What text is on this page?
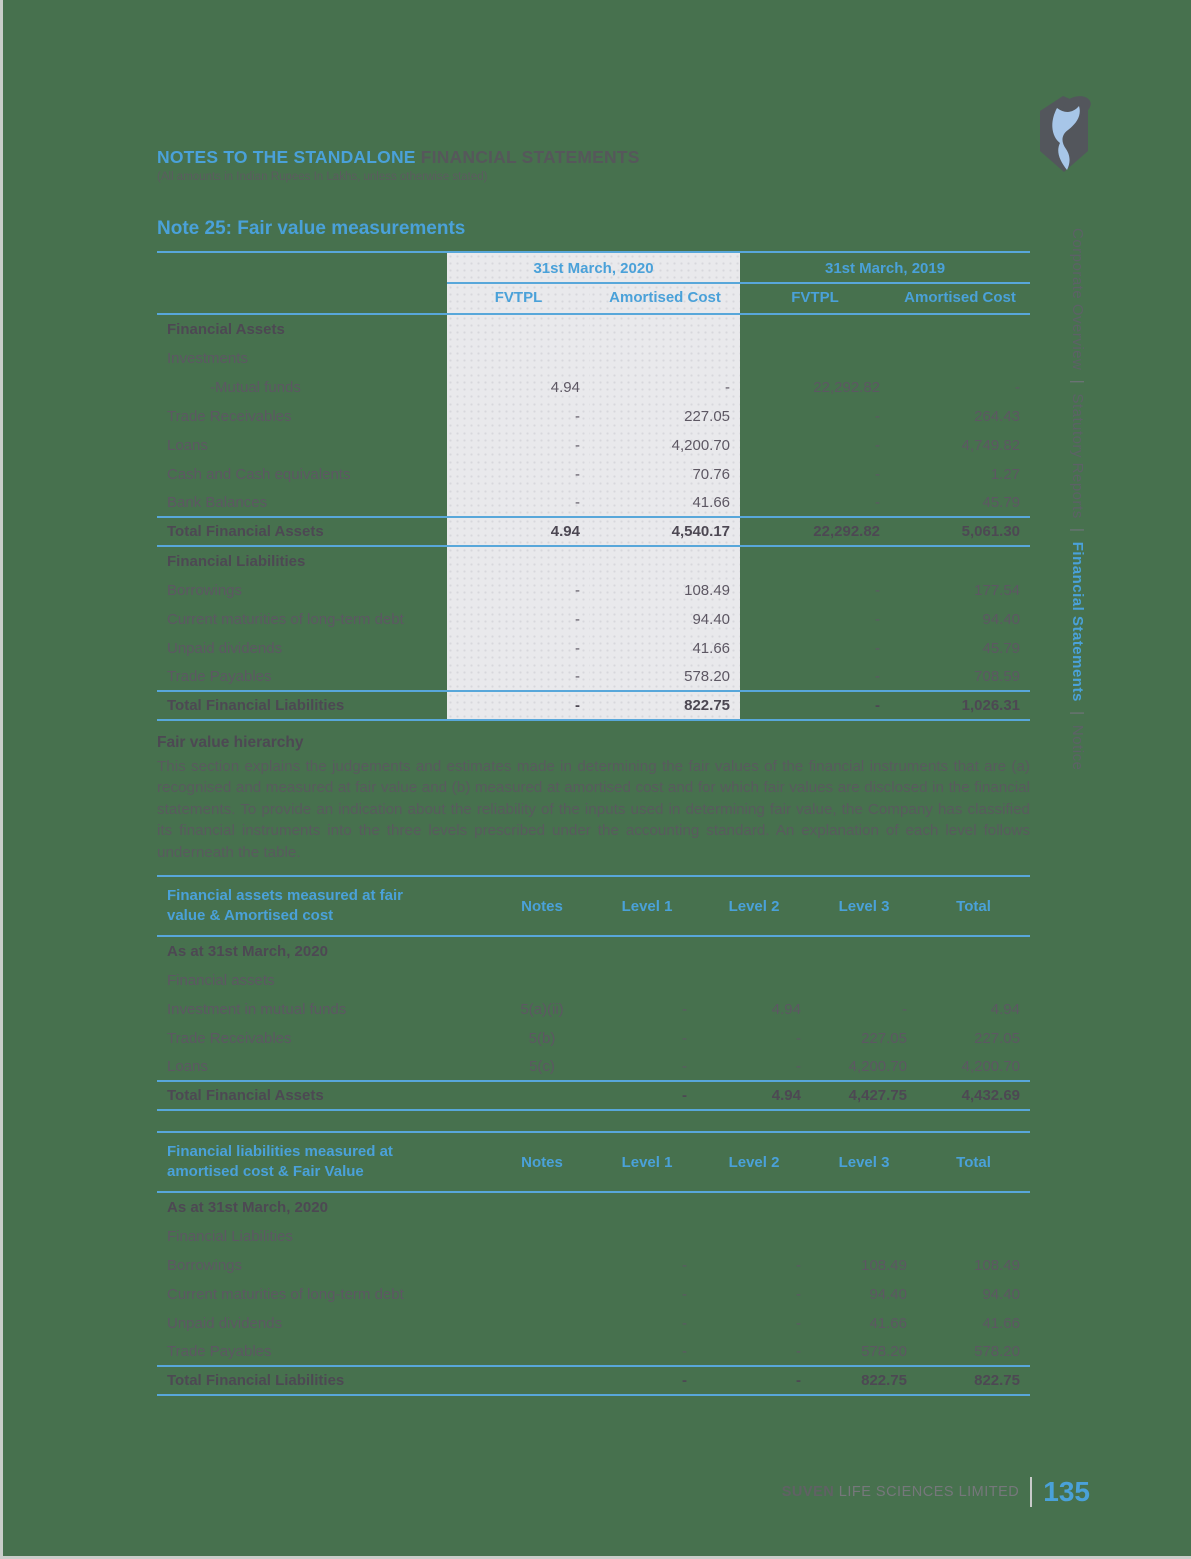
Corporate Overview  |  Statutory Reports  |  Financial Statements  |  Notice
NOTES TO THE STANDALONE FINANCIAL STATEMENTS
(All amounts in Indian Rupees In Lakhs, unless otherwise stated)
Note 25: Fair value measurements
	31st March, 2020		31st March, 2019	
	FVTPL	Amortised Cost	FVTPL	Amortised Cost
Financial Assets				
Investments				
-Mutual funds	4.94	-	22,292.82	-
Trade Receivables	-	227.05	-	264.43
Loans	-	4,200.70	-	4,749.82
Cash and Cash equivalents	-	70.76	-	1.27
Bank Balances	-	41.66	-	45.79
Total Financial Assets	4.94	4,540.17	22,292.82	5,061.30
Financial Liabilities				
Borrowings	-	108.49	-	177.54
Current maturities of long-term debt	-	94.40	-	94.40
Unpaid dividends	-	41.66	-	45.79
Trade Payables	-	578.20	-	708.59
Total Financial Liabilities	-	822.75	-	1,026.31
Fair value hierarchy

This section explains the judgements and estimates made in determining the fair values of the financial instruments that are (a) recognised and measured at fair value and (b) measured at amortised cost and for which fair values are disclosed in the financial statements. To provide an indication about the reliability of the inputs used in determining fair value, the Company has classified its financial instruments into the three levels prescribed under the accounting standard. An explanation of each level follows underneath the table.

Financial assets measured at fair value & Amortised cost	Notes	Level 1	Level 2	Level 3	Total
As at 31st March, 2020					
Financial assets					
Investment in mutual funds	5(a)(ii)	-	4.94	-	4.94
Trade Receivables	5(b)	-	-	227.05	227.05
Loans	5(c)	-	-	4,200.70	4,200.70
Total Financial Assets		-	4.94	4,427.75	4,432.69
Financial liabilities measured at amortised cost & Fair Value	Notes	Level 1	Level 2	Level 3	Total
As at 31st March, 2020					
Financial Liabilities					
Borrowings		-	-	108.49	108.49
Current maturities of long-term debt		-	-	94.40	94.40
Unpaid dividends		-	-	41.66	41.66
Trade Payables		-	-	578.20	578.20
Total Financial Liabilities		-	-	822.75	822.75
SUVEN LIFE SCIENCES LIMITED 135
